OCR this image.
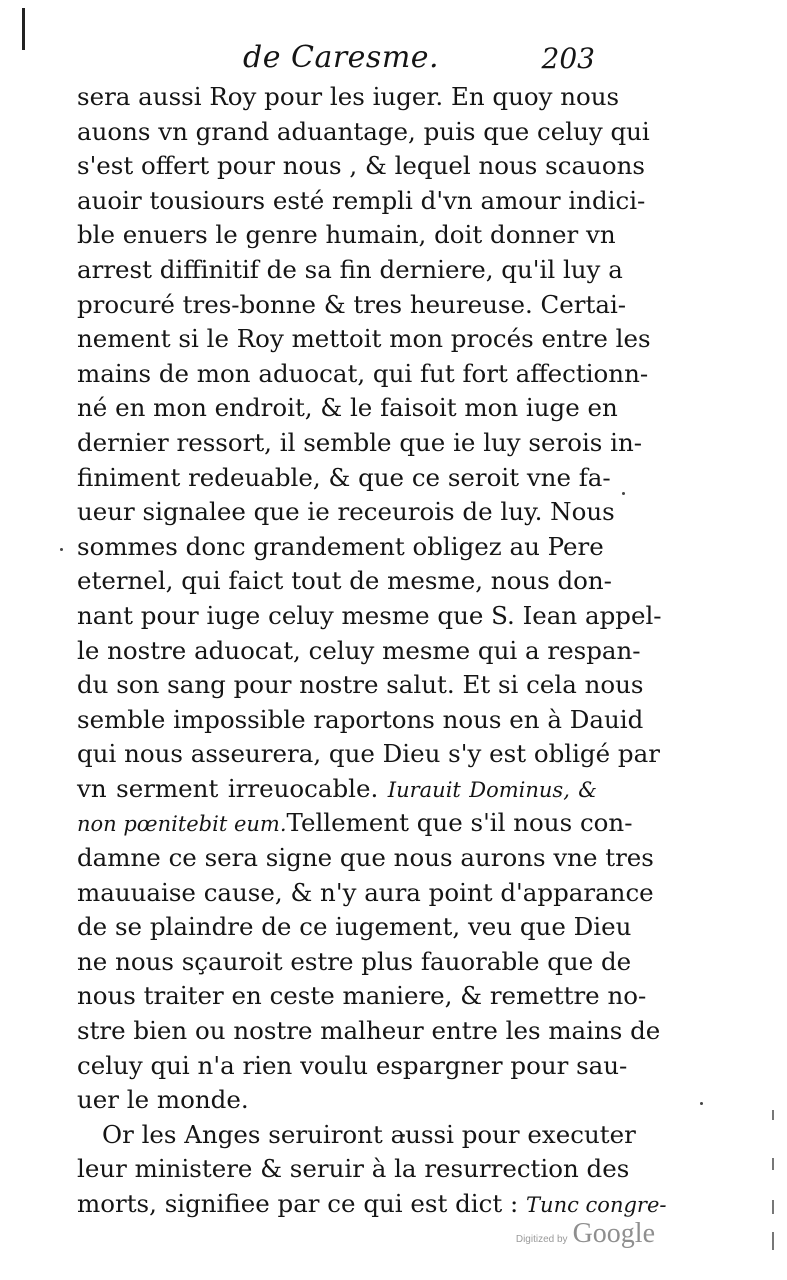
de Caresme.	203
sera aussi Roy pour les iuger. En quoy nous
auons vn grand aduantage, puis que celuy qui
s'est offert pour nous , & lequel nous scauons
auoir tousiours esté rempli d'vn amour indici-
ble enuers le genre humain, doit donner vn
arrest diffinitif de sa fin derniere, qu'il luy a
procuré tres-bonne & tres heureuse. Certai-
nement si le Roy mettoit mon procés entre les
mains de mon aduocat, qui fut fort affectionn-
né en mon endroit, & le faisoit mon iuge en
dernier ressort, il semble que ie luy serois in-
finiment redeuable, & que ce seroit vne fa-
ueur signalee que ie receurois de luy. Nous
sommes donc grandement obligez au Pere
eternel, qui faict tout de mesme, nous don-
nant pour iuge celuy mesme que S. Iean appel-
le nostre aduocat, celuy mesme qui a respan-
du son sang pour nostre salut. Et si cela nous
semble impossible raportons nous en à Dauid
qui nous asseurera, que Dieu s'y est obligé par
vn serment irreuocable. Iurauit Dominus, &
non pœnitebit eum.Tellement que s'il nous con-
damne ce sera signe que nous aurons vne tres
mauuaise cause, & n'y aura point d'apparance
de se plaindre de ce iugement, veu que Dieu
ne nous sçauroit estre plus fauorable que de
nous traiter en ceste maniere, & remettre no-
stre bien ou nostre malheur entre les mains de
celuy qui n'a rien voulu espargner pour sau-
uer le monde.
Or les Anges seruiront aussi pour executer
leur ministere & seruir à la resurrection des
morts, signifiee par ce qui est dict : Tunc congre-
Digitized by Google
